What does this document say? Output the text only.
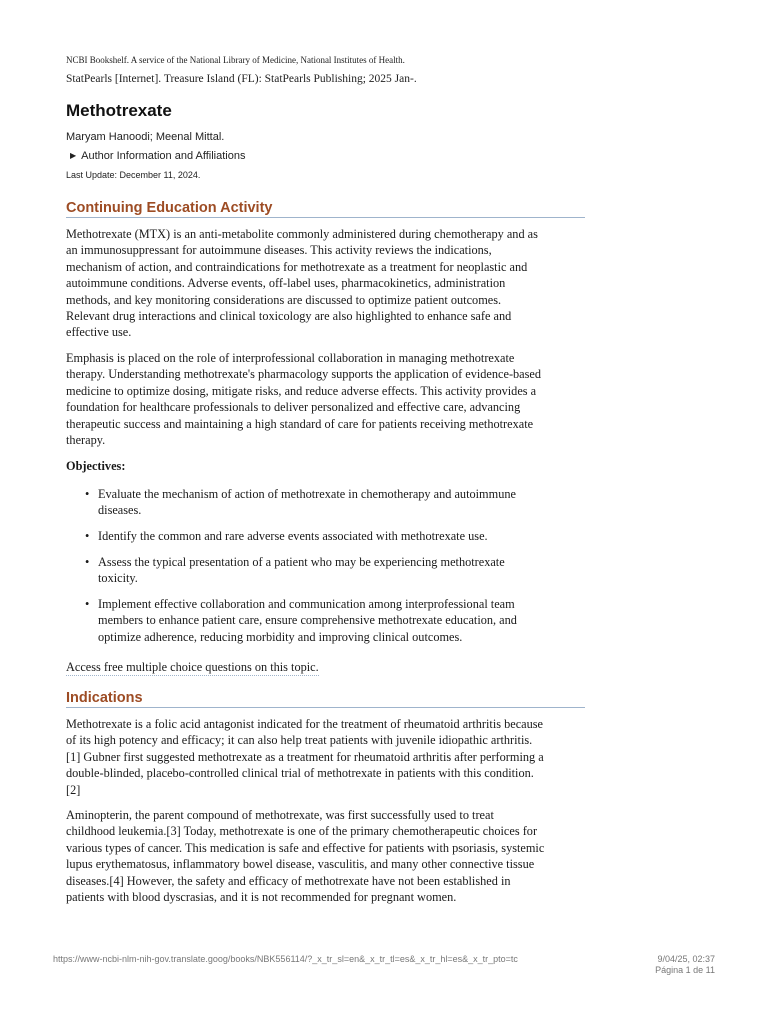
NCBI Bookshelf. A service of the National Library of Medicine, National Institutes of Health.
StatPearls [Internet]. Treasure Island (FL): StatPearls Publishing; 2025 Jan-.
Methotrexate
Maryam Hanoodi; Meenal Mittal.
▶ Author Information and Affiliations
Last Update: December 11, 2024.
Continuing Education Activity
Methotrexate (MTX) is an anti-metabolite commonly administered during chemotherapy and as
an immunosuppressant for autoimmune diseases. This activity reviews the indications,
mechanism of action, and contraindications for methotrexate as a treatment for neoplastic and
autoimmune conditions. Adverse events, off-label uses, pharmacokinetics, administration
methods, and key monitoring considerations are discussed to optimize patient outcomes.
Relevant drug interactions and clinical toxicology are also highlighted to enhance safe and
effective use.
Emphasis is placed on the role of interprofessional collaboration in managing methotrexate
therapy. Understanding methotrexate's pharmacology supports the application of evidence-based
medicine to optimize dosing, mitigate risks, and reduce adverse effects. This activity provides a
foundation for healthcare professionals to deliver personalized and effective care, advancing
therapeutic success and maintaining a high standard of care for patients receiving methotrexate
therapy.
Objectives:
• Evaluate the mechanism of action of methotrexate in chemotherapy and autoimmune
diseases.
• Identify the common and rare adverse events associated with methotrexate use.
• Assess the typical presentation of a patient who may be experiencing methotrexate
toxicity.
• Implement effective collaboration and communication among interprofessional team
members to enhance patient care, ensure comprehensive methotrexate education, and
optimize adherence, reducing morbidity and improving clinical outcomes.
Access free multiple choice questions on this topic.
Indications
Methotrexate is a folic acid antagonist indicated for the treatment of rheumatoid arthritis because
of its high potency and efficacy; it can also help treat patients with juvenile idiopathic arthritis.
[1] Gubner first suggested methotrexate as a treatment for rheumatoid arthritis after performing a
double-blinded, placebo-controlled clinical trial of methotrexate in patients with this condition.
[2]
Aminopterin, the parent compound of methotrexate, was first successfully used to treat
childhood leukemia.[3] Today, methotrexate is one of the primary chemotherapeutic choices for
various types of cancer. This medication is safe and effective for patients with psoriasis, systemic
lupus erythematosus, inflammatory bowel disease, vasculitis, and many other connective tissue
diseases.[4] However, the safety and efficacy of methotrexate have not been established in
patients with blood dyscrasias, and it is not recommended for pregnant women.
https://www-ncbi-nlm-nih-gov.translate.goog/books/NBK556114/?_x_tr_sl=en&_x_tr_tl=es&_x_tr_hl=es&_x_tr_pto=tc	9/04/25, 02:37
Página 1 de 11
